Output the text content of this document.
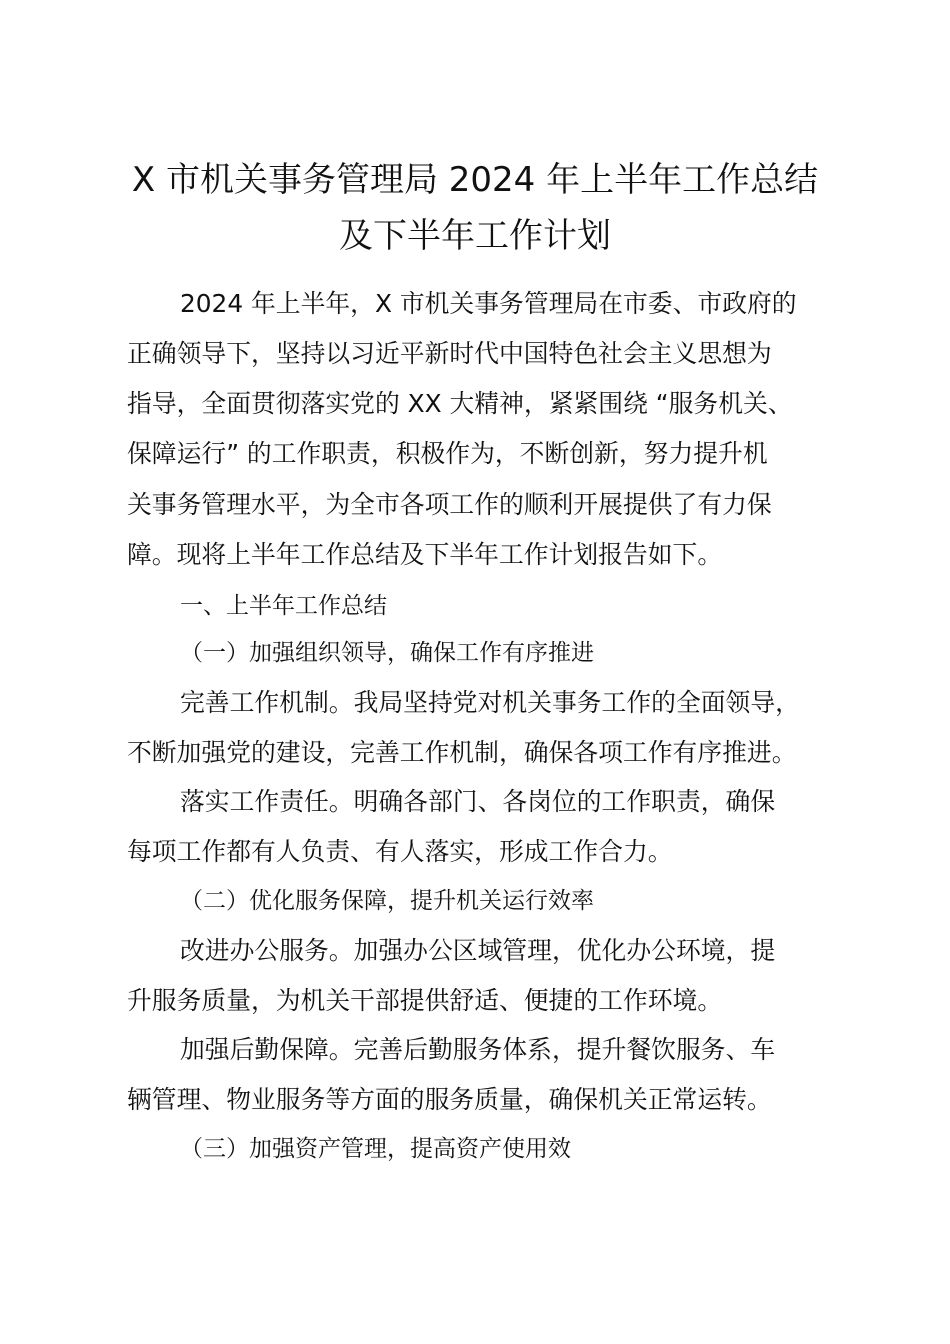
X 市机关事务管理局 2024 年上半年工作总结
及下半年工作计划
2024 年上半年，X 市机关事务管理局在市委、市政府的
正确领导下，坚持以习近平新时代中国特色社会主义思想为
指导，全面贯彻落实党的 XX 大精神，紧紧围绕 “服务机关、
保障运行” 的工作职责，积极作为，不断创新，努力提升机
关事务管理水平，为全市各项工作的顺利开展提供了有力保
障。现将上半年工作总结及下半年工作计划报告如下。
一、上半年工作总结
（一）加强组织领导，确保工作有序推进
完善工作机制。我局坚持党对机关事务工作的全面领导，
不断加强党的建设，完善工作机制，确保各项工作有序推进。
落实工作责任。明确各部门、各岗位的工作职责，确保
每项工作都有人负责、有人落实，形成工作合力。
（二）优化服务保障，提升机关运行效率
改进办公服务。加强办公区域管理，优化办公环境，提
升服务质量，为机关干部提供舒适、便捷的工作环境。
加强后勤保障。完善后勤服务体系，提升餐饮服务、车
辆管理、物业服务等方面的服务质量，确保机关正常运转。
（三）加强资产管理，提高资产使用效
